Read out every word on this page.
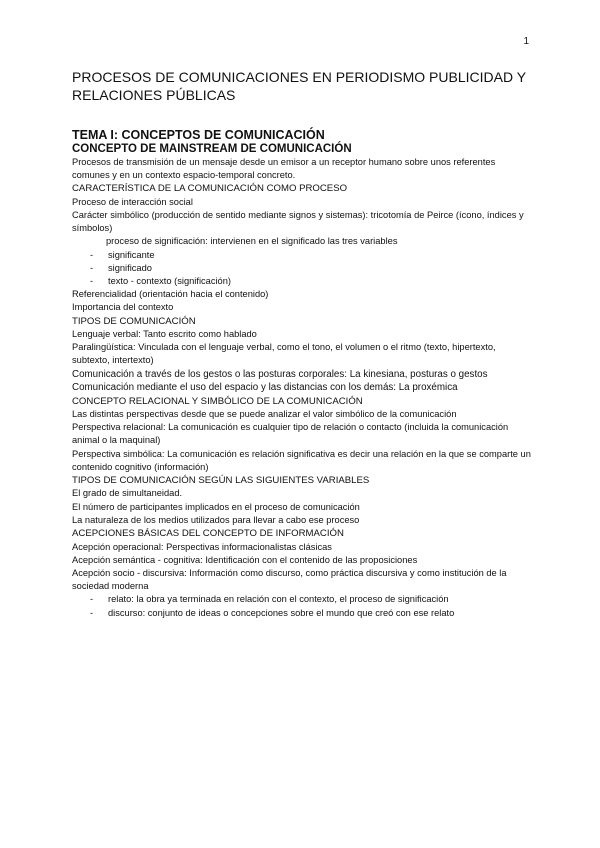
1
PROCESOS DE COMUNICACIONES EN PERIODISMO PUBLICIDAD Y RELACIONES PÚBLICAS
TEMA I: CONCEPTOS DE COMUNICACIÓN
CONCEPTO DE MAINSTREAM DE COMUNICACIÓN

Procesos de transmisión de un mensaje desde un emisor a un receptor humano sobre unos referentes comunes y en un contexto espacio-temporal concreto.

CARACTERÍSTICA DE LA COMUNICACIÓN COMO PROCESO

Proceso de interacción social

Carácter simbólico (producción de sentido mediante signos y sistemas): tricotomía de Peirce (ícono, índices y símbolos)

proceso de significación: intervienen en el significado las tres variables

- significante
- significado
- texto - contexto (significación)

Referencialidad (orientación hacia el contenido)

Importancia del contexto

TIPOS DE COMUNICACIÓN

Lenguaje verbal: Tanto escrito como hablado

Paralingüística: Vinculada con el lenguaje verbal, como el tono, el volumen o el ritmo (texto, hipertexto, subtexto, intertexto)

Comunicación a través de los gestos o las posturas corporales: La kinesiana, posturas o gestos

Comunicación mediante el uso del espacio y las distancias con los demás: La proxémica

CONCEPTO RELACIONAL Y SIMBÓLICO DE LA COMUNICACIÓN

Las distintas perspectivas desde que se puede analizar el valor simbólico de la comunicación

Perspectiva relacional: La comunicación es cualquier tipo de relación o contacto (incluida la comunicación animal o la maquinal)

Perspectiva simbólica: La comunicación es relación significativa es decir una relación en la que se comparte un contenido cognitivo (información)

TIPOS DE COMUNICACIÓN SEGÚN LAS SIGUIENTES VARIABLES

El grado de simultaneidad.

El número de participantes implicados en el proceso de comunicación

La naturaleza de los medios utilizados para llevar a cabo ese proceso

ACEPCIONES BÁSICAS DEL CONCEPTO DE INFORMACIÓN

Acepción operacional: Perspectivas informacionalistas clásicas

Acepción semántica - cognitiva: Identificación con el contenido de las proposiciones

Acepción socio - discursiva: Información como discurso, como práctica discursiva y como institución de la sociedad moderna

- relato: la obra ya terminada en relación con el contexto, el proceso de significación
- discurso: conjunto de ideas o concepciones sobre el mundo que creó con ese relato
